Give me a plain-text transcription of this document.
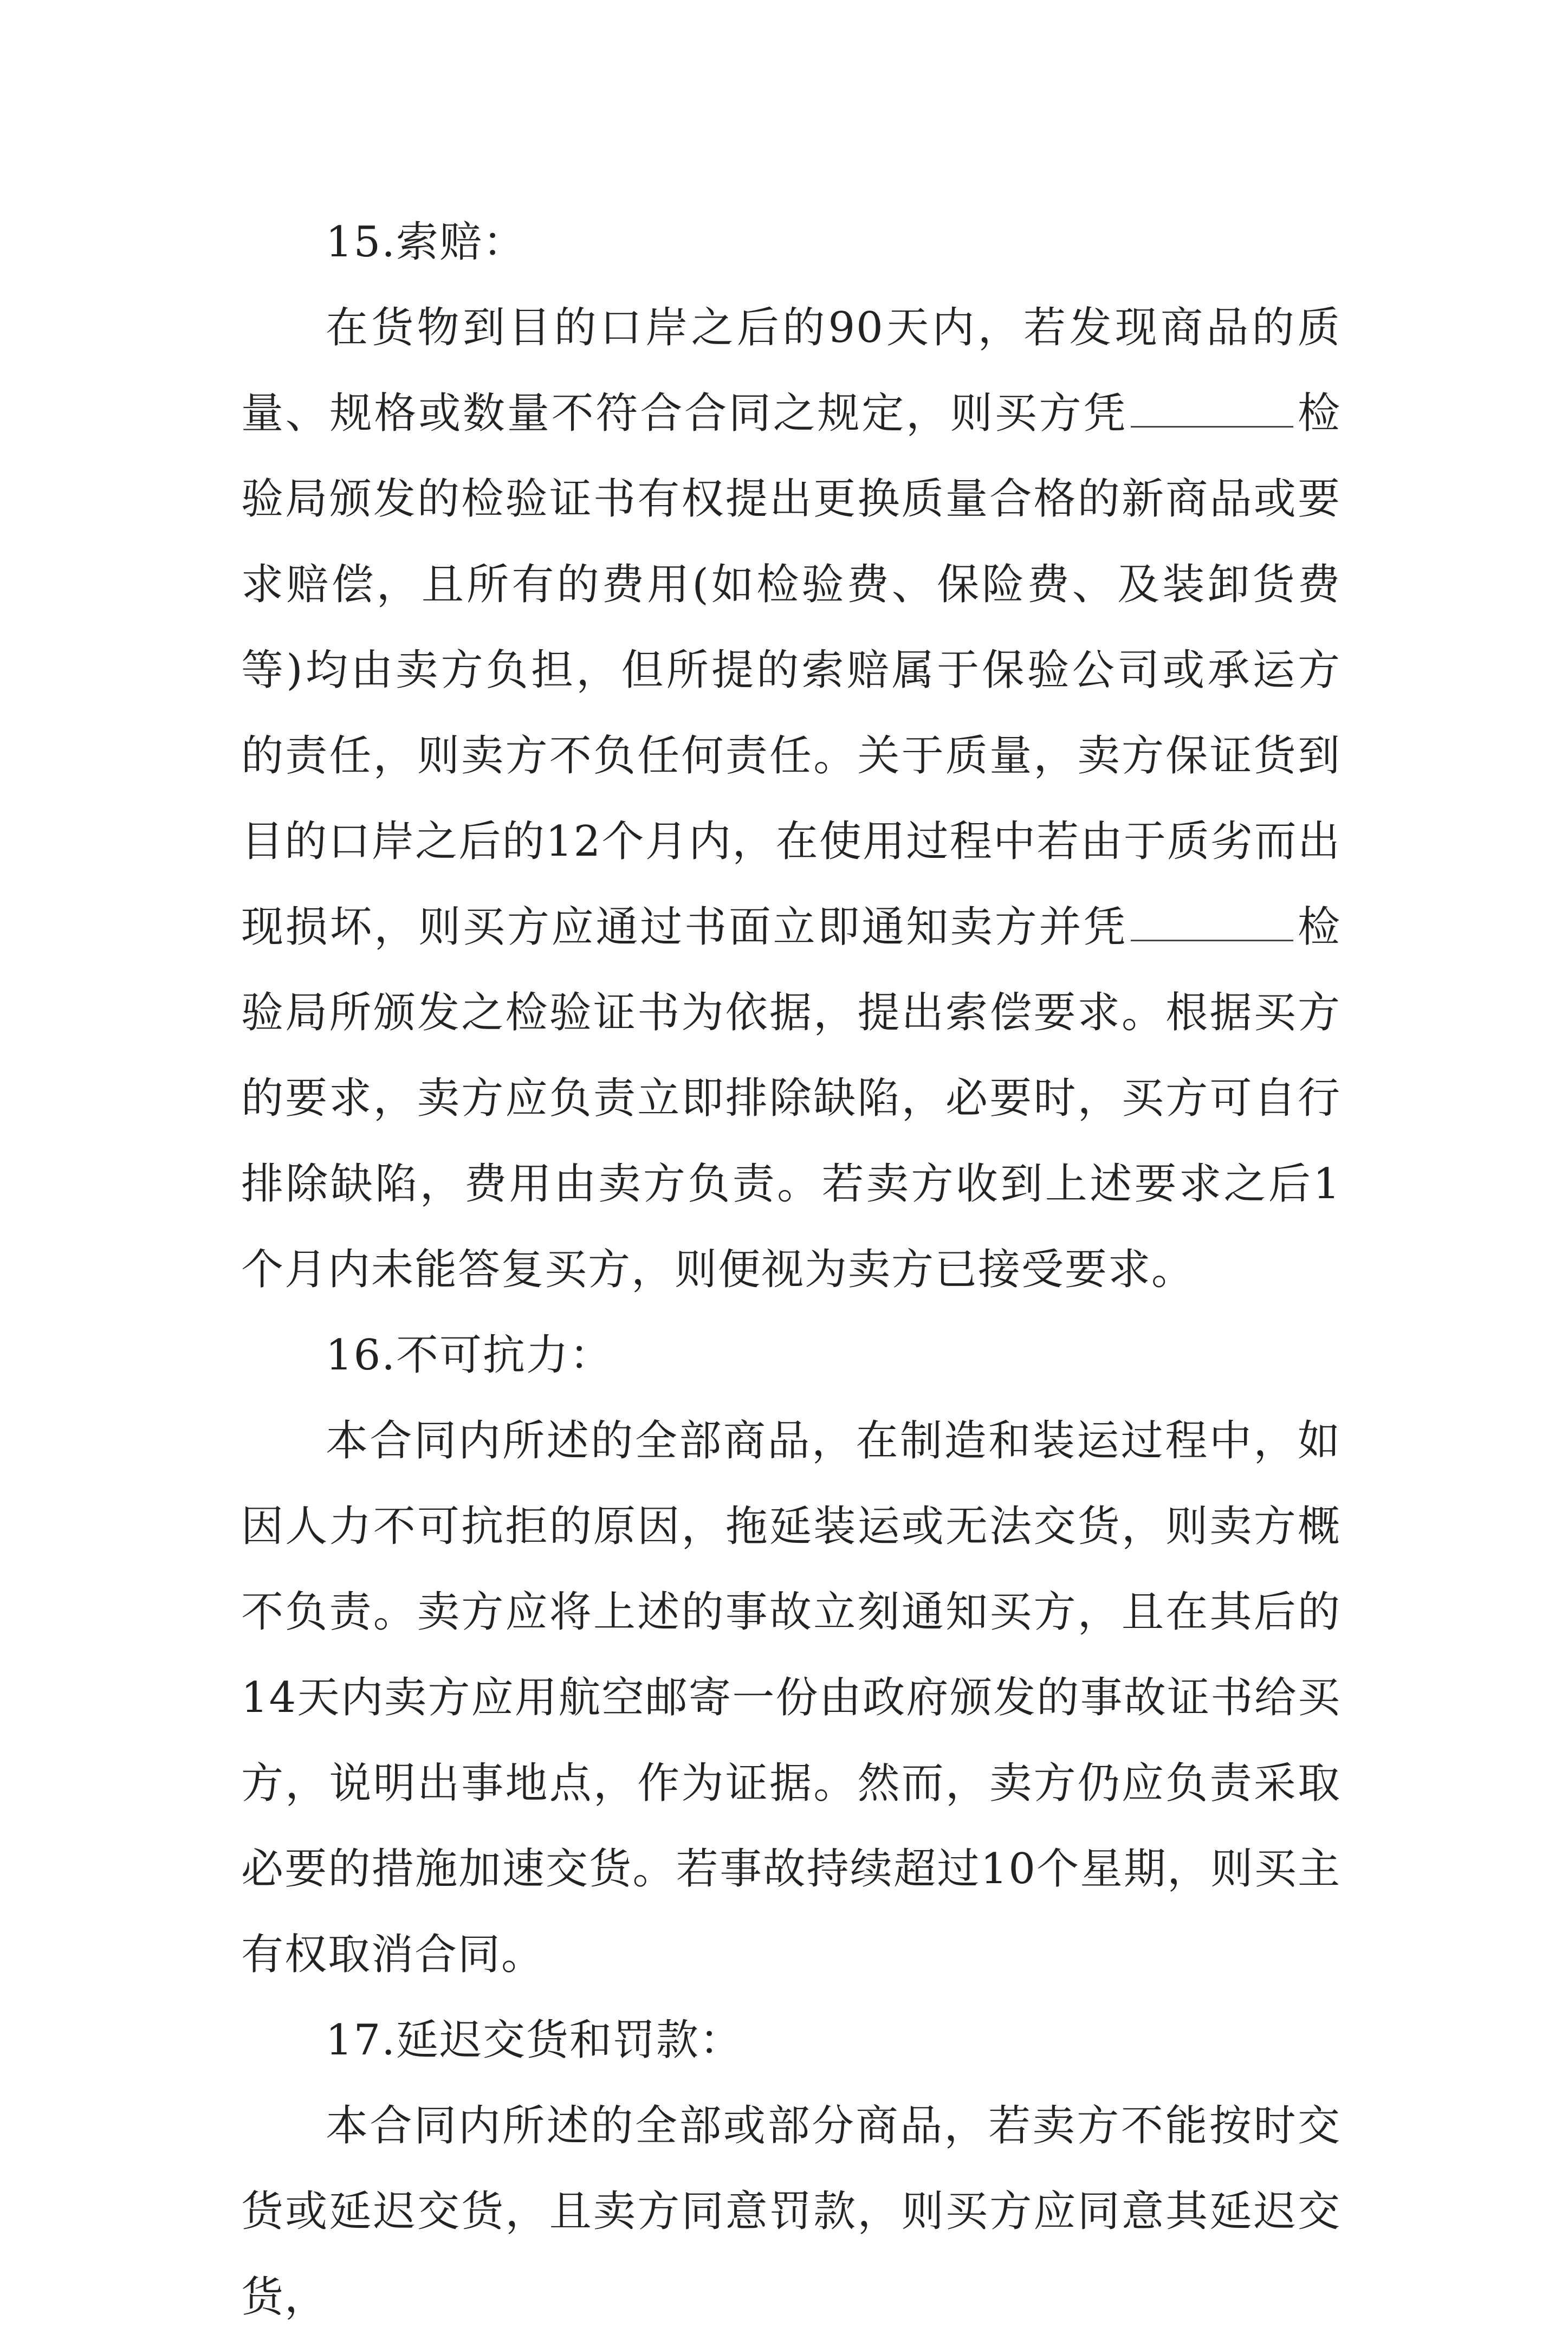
15.索赔：

在货物到目的口岸之后的90天内，若发现商品的质量、规格或数量不符合合同之规定，则买方凭	检验局颁发的检验证书有权提出更换质量合格的新商品或要求赔偿，且所有的费用(如检验费、保险费、及装卸货费等)均由卖方负担，但所提的索赔属于保验公司或承运方的责任，则卖方不负任何责任。关于质量，卖方保证货到目的口岸之后的12个月内，在使用过程中若由于质劣而出现损坏，则买方应通过书面立即通知卖方并凭	检验局所颁发之检验证书为依据，提出索偿要求。根据买方的要求，卖方应负责立即排除缺陷，必要时，买方可自行排除缺陷，费用由卖方负责。若卖方收到上述要求之后1个月内未能答复买方，则便视为卖方已接受要求。

16.不可抗力：

本合同内所述的全部商品，在制造和装运过程中，如因人力不可抗拒的原因，拖延装运或无法交货，则卖方概不负责。卖方应将上述的事故立刻通知买方，且在其后的14天内卖方应用航空邮寄一份由政府颁发的事故证书给买方，说明出事地点，作为证据。然而，卖方仍应负责采取必要的措施加速交货。若事故持续超过10个星期，则买主有权取消合同。

17.延迟交货和罚款：

本合同内所述的全部或部分商品，若卖方不能按时交货或延迟交货，且卖方同意罚款，则买方应同意其延迟交货，
